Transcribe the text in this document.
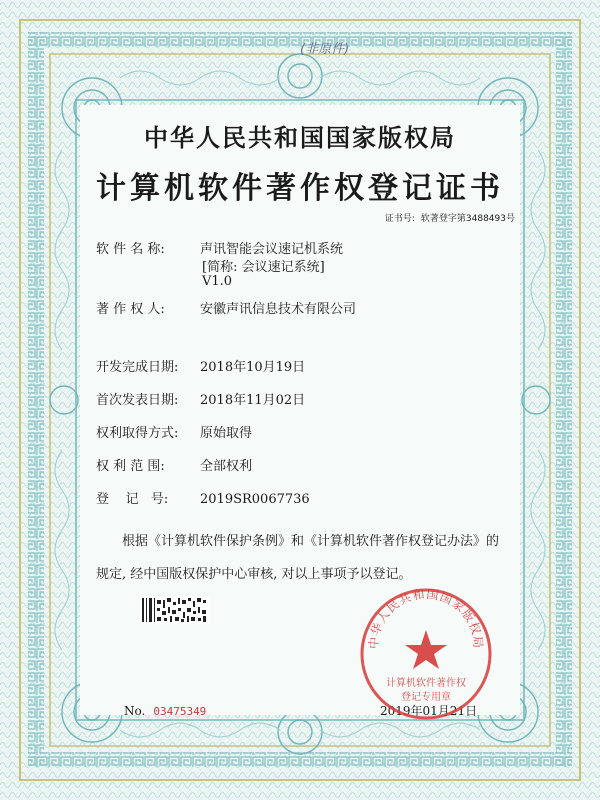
(非原件)
中华人民共和国国家版权局
计算机软件著作权登记证书
证书号: 软著登字第3488493号
软 件 名 称:	声讯智能会议速记机系统
[简称: 会议速记系统]
V1.0
著 作 权 人:	安徽声讯信息技术有限公司
开发完成日期: 2018年10月19日
首次发表日期: 2018年11月02日
权利取得方式: 原始取得
权 利 范 围:	全部权利
登    记   号: 2019SR0067736
根据《计算机软件保护条例》和《计算机软件著作权登记办法》的
规定, 经中国版权保护中心审核, 对以上事项予以登记。
No. 03475349	2019年01月21日
中华人民共和国国家版权局
计算机软件著作权
登记专用章
